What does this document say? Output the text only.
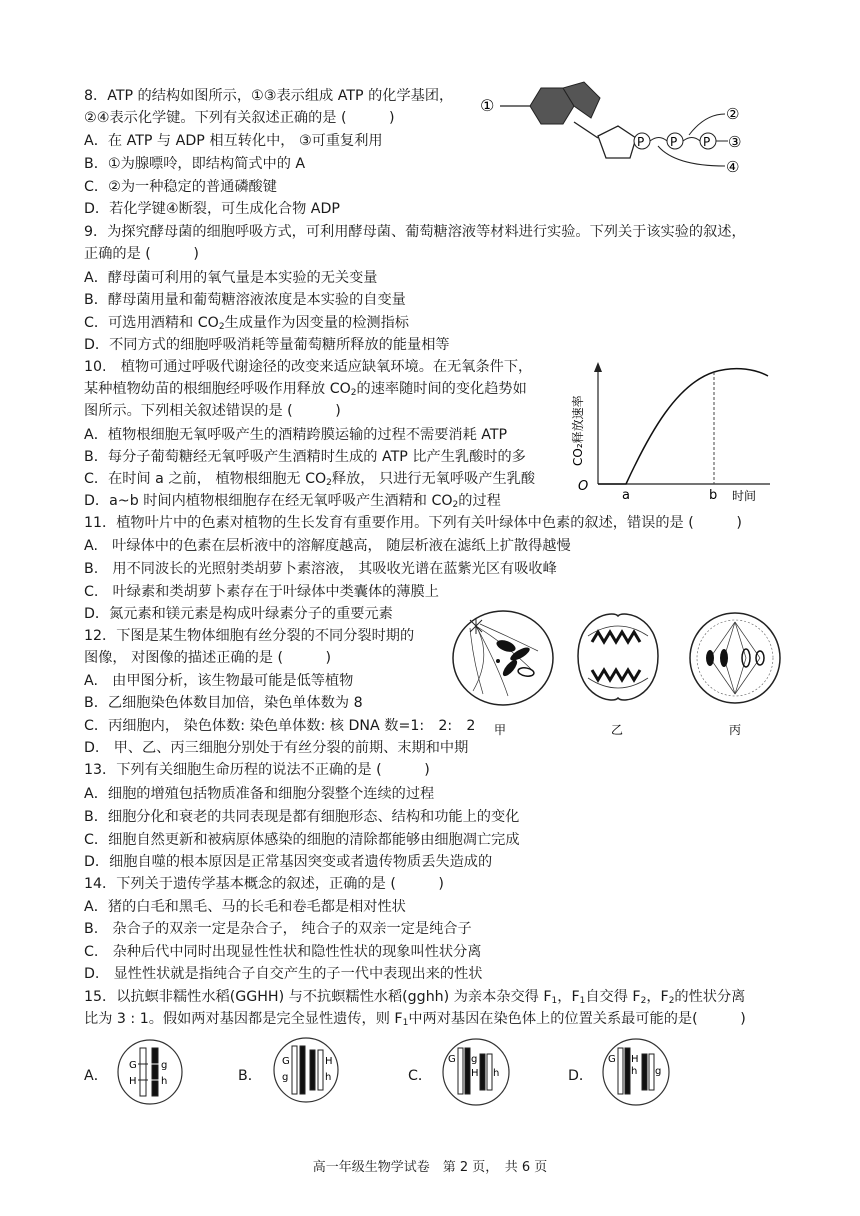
8．ATP 的结构如图所示，①③表示组成 ATP 的化学基团，
②④表示化学键。下列有关叙述正确的是 (　　　)
A．在 ATP 与 ADP 相互转化中， ③可重复利用
B．①为腺嘌呤，即结构简式中的 A
C．②为一种稳定的普通磷酸键
D．若化学键④断裂，可生成化合物 ADP
①
P P P
②
③
④
9．为探究酵母菌的细胞呼吸方式，可利用酵母菌、葡萄糖溶液等材料进行实验。下列关于该实验的叙述，
正确的是 (　　　)
A．酵母菌可利用的氧气量是本实验的无关变量
B．酵母菌用量和葡萄糖溶液浓度是本实验的自变量
C．可选用酒精和 $CO_2$生成量作为因变量的检测指标
D．不同方式的细胞呼吸消耗等量葡萄糖所释放的能量相等
10.　植物可通过呼吸代谢途径的改变来适应缺氧环境。在无氧条件下，
某种植物幼苗的根细胞经呼吸作用释放 $CO_2$的速率随时间的变化趋势如
图所示。下列相关叙述错误的是 (　　　)
A．植物根细胞无氧呼吸产生的酒精跨膜运输的过程不需要消耗 ATP
B．每分子葡萄糖经无氧呼吸产生酒精时生成的 ATP 比产生乳酸时的多
C．在时间 a 之前， 植物根细胞无 $CO_2$释放， 只进行无氧呼吸产生乳酸
D．a~b 时间内植物根细胞存在经无氧呼吸产生酒精和 $CO_2$的过程
CO₂释放速率
O
a	b 时间
11．植物叶片中的色素对植物的生长发育有重要作用。下列有关叶绿体中色素的叙述，错误的是 (　　　)
A.　叶绿体中的色素在层析液中的溶解度越高， 随层析液在滤纸上扩散得越慢
B.　用不同波长的光照射类胡萝卜素溶液， 其吸收光谱在蓝紫光区有吸收峰
C.　叶绿素和类胡萝卜素存在于叶绿体中类囊体的薄膜上
D．氮元素和镁元素是构成叶绿素分子的重要元素
12．下图是某生物体细胞有丝分裂的不同分裂时期的
图像， 对图像的描述正确的是 (　　　)
A.　由甲图分析，该生物最可能是低等植物
B．乙细胞染色体数目加倍，染色单体数为 8
C．丙细胞内， 染色体数: 染色单体数: 核 DNA 数=1:　2:　2
D.　甲、乙、丙三细胞分别处于有丝分裂的前期、末期和中期
甲	乙	丙
13．下列有关细胞生命历程的说法不正确的是 (　　　)
A．细胞的增殖包括物质准备和细胞分裂整个连续的过程
B．细胞分化和衰老的共同表现是都有细胞形态、结构和功能上的变化
C．细胞自然更新和被病原体感染的细胞的清除都能够由细胞凋亡完成
D．细胞自噬的根本原因是正常基因突变或者遗传物质丢失造成的
14．下列关于遗传学基本概念的叙述，正确的是 (　　　)
A．猪的白毛和黑毛、马的长毛和卷毛都是相对性状
B.　杂合子的双亲一定是杂合子， 纯合子的双亲一定是纯合子
C.　杂种后代中同时出现显性性状和隐性性状的现象叫性状分离
D.　显性性状就是指纯合子自交产生的子一代中表现出来的性状
15．以抗螟非糯性水稻(GGHH) 与不抗螟糯性水稻(gghh) 为亲本杂交得 $F_1$，$F_1$自交得 $F_2$，$F_2$的性状分离
比为 3 : 1。假如两对基因都是完全显性遗传，则 $F_1$中两对基因在染色体上的位置关系最可能的是(　　　)
A．	B．	C．	D．
G g
H h
G
g
H
h
G g
H h
G H
h g
高一年级生物学试卷　第 2 页，　共 6 页
